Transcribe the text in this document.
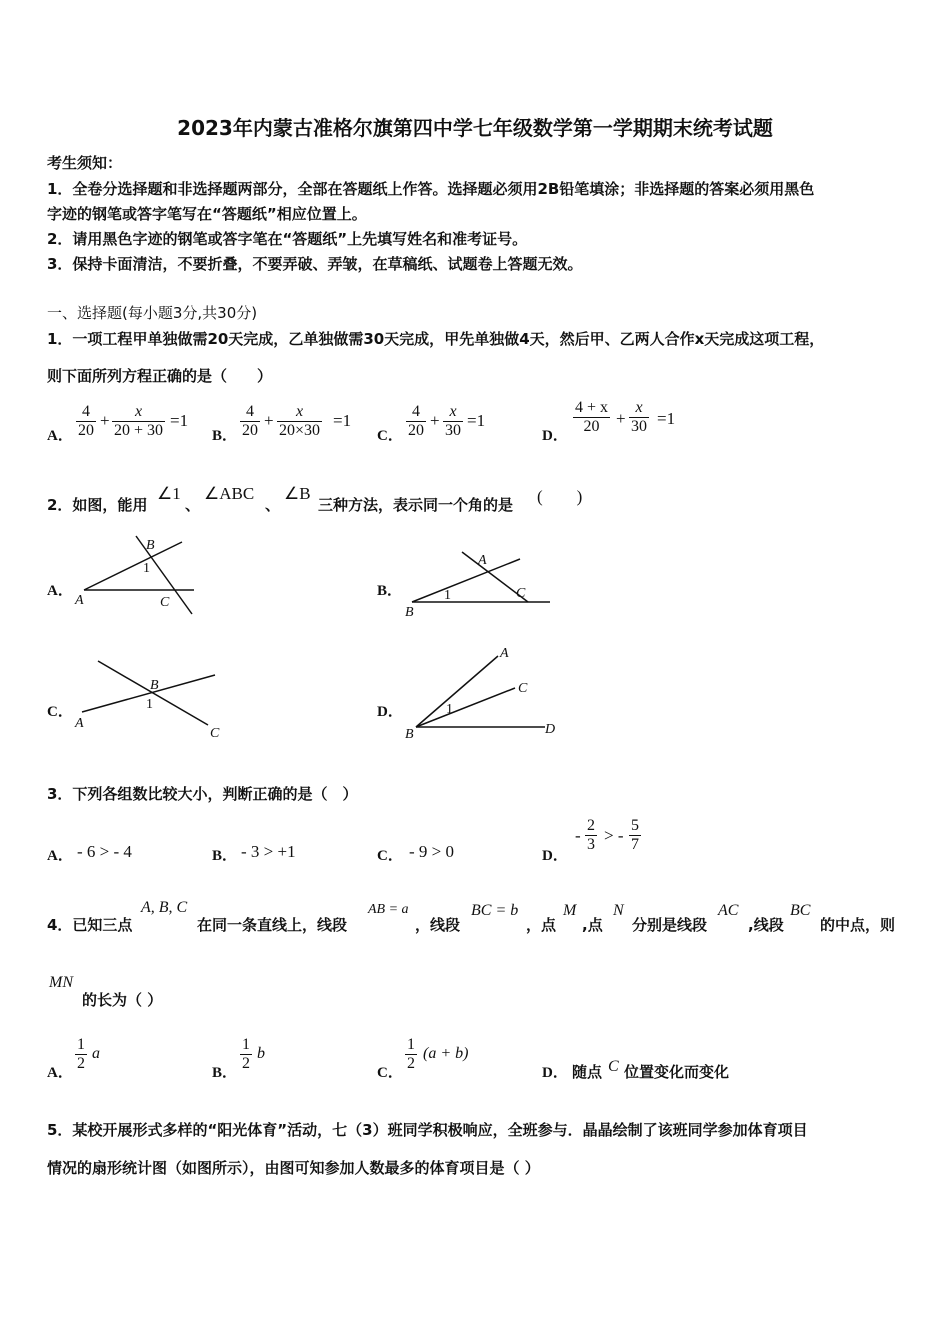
2023年内蒙古准格尔旗第四中学七年级数学第一学期期末统考试题
考生须知：
1．全卷分选择题和非选择题两部分，全部在答题纸上作答。选择题必须用2B铅笔填涂；非选择题的答案必须用黑色
字迹的钢笔或答字笔写在“答题纸”相应位置上。
2．请用黑色字迹的钢笔或答字笔在“答题纸”上先填写姓名和准考证号。
3．保持卡面清洁，不要折叠，不要弄破、弄皱，在草稿纸、试题卷上答题无效。
一、选择题(每小题3分,共30分)
1．一项工程甲单独做需20天完成，乙单独做需30天完成，甲先单独做4天，然后甲、乙两人合作x天完成这项工程，
则下面所列方程正确的是（　　）
A． $\frac{4}{20} + \frac{x}{20 + 30} =1$
B． $\frac{4}{20} + \frac{x}{20\times 30} =1$
C． $\frac{4}{20} + \frac{x}{30} =1$
D． $\frac{4 + x}{20} + \frac{x}{30} =1$
2．如图，能用
∠1
、
∠ABC
、
∠B
三种方法，表示同一个角的是 (　　)
A．
A
B
C
1
B．
B
A
C
1
C．
A
B
C
1	D．
B
A
C
D
1
3．下列各组数比较大小，判断正确的是（　）
A． - 6 > - 4	B． - 3 > +1	C． - 9 > 0	D．
- $\frac{2}{3}$ > - $\frac{5}{7}$
4．已知三点
A, B, C
在同一条直线上，线段
AB = a
，线段
BC = b
，点
M
,点
N
分别是线段
AC
,线段
BC
的中点，则
MN
的长为（ ）
A． $\frac{1}{2}$ a
B． $\frac{1}{2}$ b
C． $\frac{1}{2} (a + b)$
D． 随点 C 位置变化而变化
5．某校开展形式多样的“阳光体育”活动，七（3）班同学积极响应，全班参与．晶晶绘制了该班同学参加体育项目
情况的扇形统计图（如图所示），由图可知参加人数最多的体育项目是（ ）
